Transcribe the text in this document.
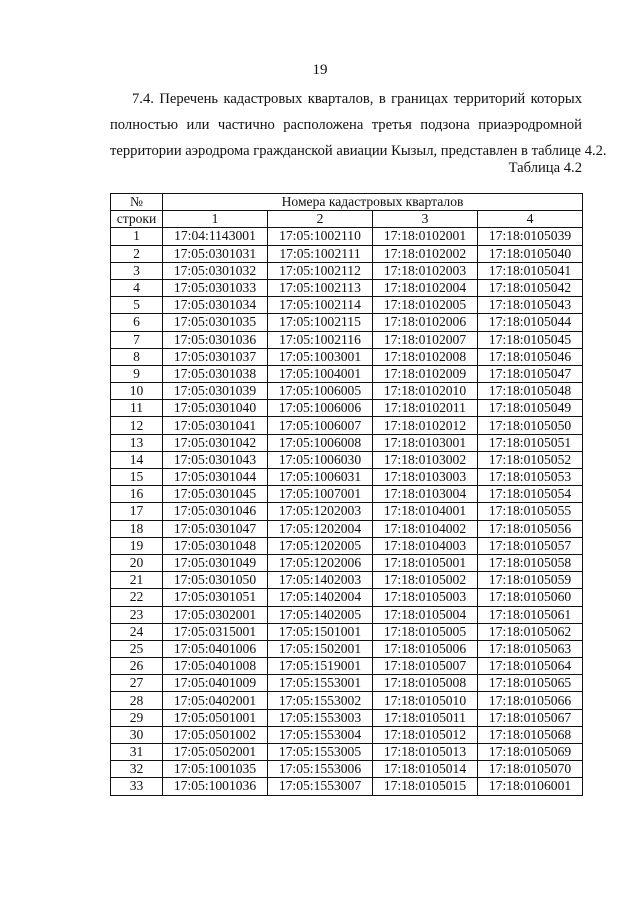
19
7.4. Перечень кадастровых кварталов, в границах территорий которых
полностью или частично расположена третья подзона приаэродромной
территории аэродрома гражданской авиации Кызыл, представлен в таблице 4.2.
Таблица 4.2
№	Номера кадастровых кварталов			
строки	1	2	3	4
1	17:04:1143001	17:05:1002110	17:18:0102001	17:18:0105039
2	17:05:0301031	17:05:1002111	17:18:0102002	17:18:0105040
3	17:05:0301032	17:05:1002112	17:18:0102003	17:18:0105041
4	17:05:0301033	17:05:1002113	17:18:0102004	17:18:0105042
5	17:05:0301034	17:05:1002114	17:18:0102005	17:18:0105043
6	17:05:0301035	17:05:1002115	17:18:0102006	17:18:0105044
7	17:05:0301036	17:05:1002116	17:18:0102007	17:18:0105045
8	17:05:0301037	17:05:1003001	17:18:0102008	17:18:0105046
9	17:05:0301038	17:05:1004001	17:18:0102009	17:18:0105047
10	17:05:0301039	17:05:1006005	17:18:0102010	17:18:0105048
11	17:05:0301040	17:05:1006006	17:18:0102011	17:18:0105049
12	17:05:0301041	17:05:1006007	17:18:0102012	17:18:0105050
13	17:05:0301042	17:05:1006008	17:18:0103001	17:18:0105051
14	17:05:0301043	17:05:1006030	17:18:0103002	17:18:0105052
15	17:05:0301044	17:05:1006031	17:18:0103003	17:18:0105053
16	17:05:0301045	17:05:1007001	17:18:0103004	17:18:0105054
17	17:05:0301046	17:05:1202003	17:18:0104001	17:18:0105055
18	17:05:0301047	17:05:1202004	17:18:0104002	17:18:0105056
19	17:05:0301048	17:05:1202005	17:18:0104003	17:18:0105057
20	17:05:0301049	17:05:1202006	17:18:0105001	17:18:0105058
21	17:05:0301050	17:05:1402003	17:18:0105002	17:18:0105059
22	17:05:0301051	17:05:1402004	17:18:0105003	17:18:0105060
23	17:05:0302001	17:05:1402005	17:18:0105004	17:18:0105061
24	17:05:0315001	17:05:1501001	17:18:0105005	17:18:0105062
25	17:05:0401006	17:05:1502001	17:18:0105006	17:18:0105063
26	17:05:0401008	17:05:1519001	17:18:0105007	17:18:0105064
27	17:05:0401009	17:05:1553001	17:18:0105008	17:18:0105065
28	17:05:0402001	17:05:1553002	17:18:0105010	17:18:0105066
29	17:05:0501001	17:05:1553003	17:18:0105011	17:18:0105067
30	17:05:0501002	17:05:1553004	17:18:0105012	17:18:0105068
31	17:05:0502001	17:05:1553005	17:18:0105013	17:18:0105069
32	17:05:1001035	17:05:1553006	17:18:0105014	17:18:0105070
33	17:05:1001036	17:05:1553007	17:18:0105015	17:18:0106001
